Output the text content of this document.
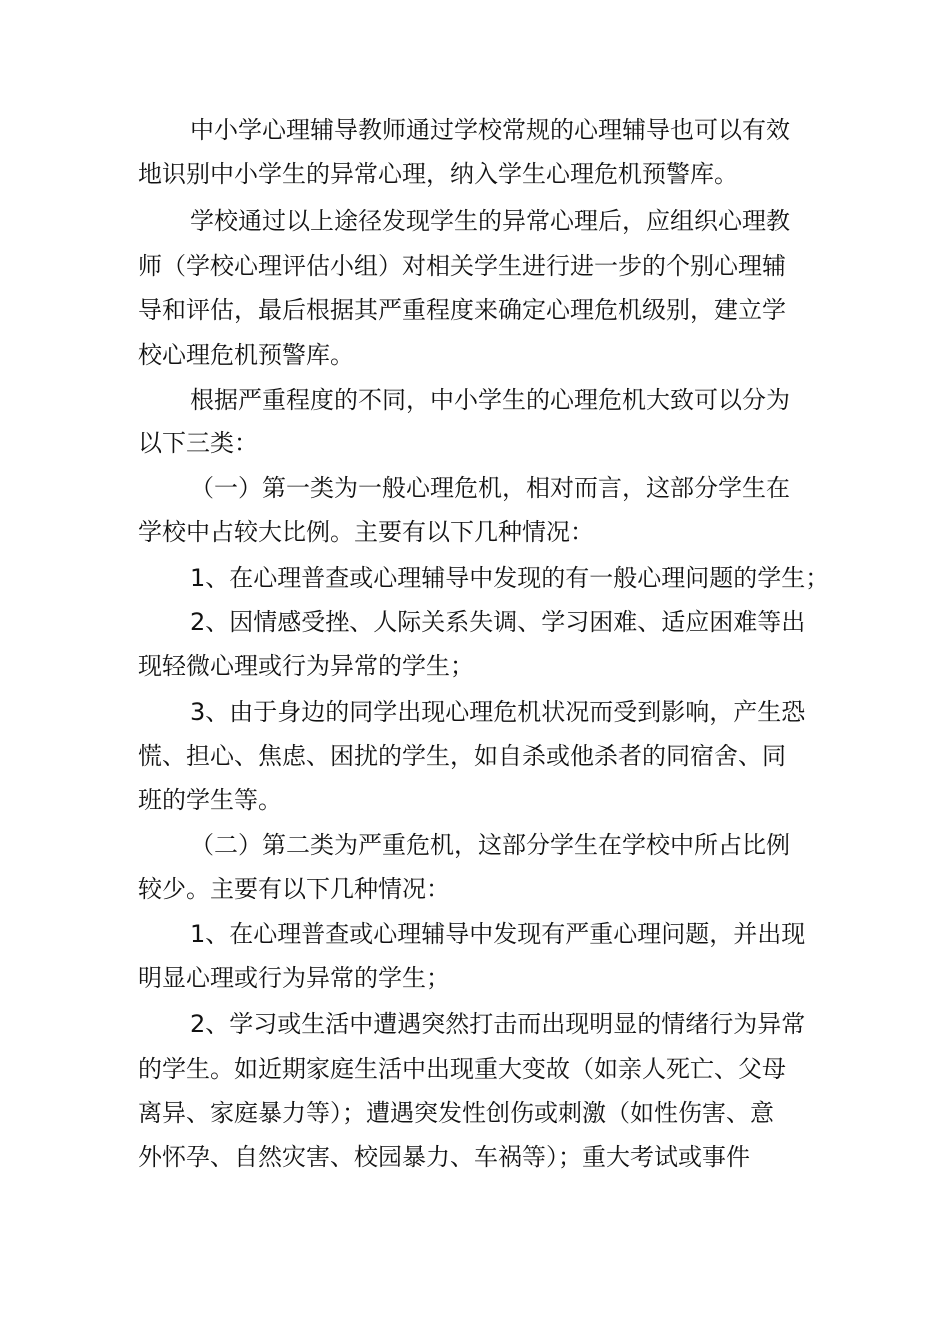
中小学心理辅导教师通过学校常规的心理辅导也可以有效
地识别中小学生的异常心理，纳入学生心理危机预警库。
学校通过以上途径发现学生的异常心理后，应组织心理教
师（学校心理评估小组）对相关学生进行进一步的个别心理辅
导和评估，最后根据其严重程度来确定心理危机级别，建立学
校心理危机预警库。
根据严重程度的不同，中小学生的心理危机大致可以分为
以下三类：
（一）第一类为一般心理危机，相对而言，这部分学生在
学校中占较大比例。主要有以下几种情况：
1、在心理普查或心理辅导中发现的有一般心理问题的学生；
2、因情感受挫、人际关系失调、学习困难、适应困难等出
现轻微心理或行为异常的学生；
3、由于身边的同学出现心理危机状况而受到影响，产生恐
慌、担心、焦虑、困扰的学生，如自杀或他杀者的同宿舍、同
班的学生等。
（二）第二类为严重危机，这部分学生在学校中所占比例
较少。主要有以下几种情况：
1、在心理普查或心理辅导中发现有严重心理问题，并出现
明显心理或行为异常的学生；
2、学习或生活中遭遇突然打击而出现明显的情绪行为异常
的学生。如近期家庭生活中出现重大变故（如亲人死亡、父母
离异、家庭暴力等）；遭遇突发性创伤或刺激（如性伤害、意
外怀孕、自然灾害、校园暴力、车祸等）；重大考试或事件
